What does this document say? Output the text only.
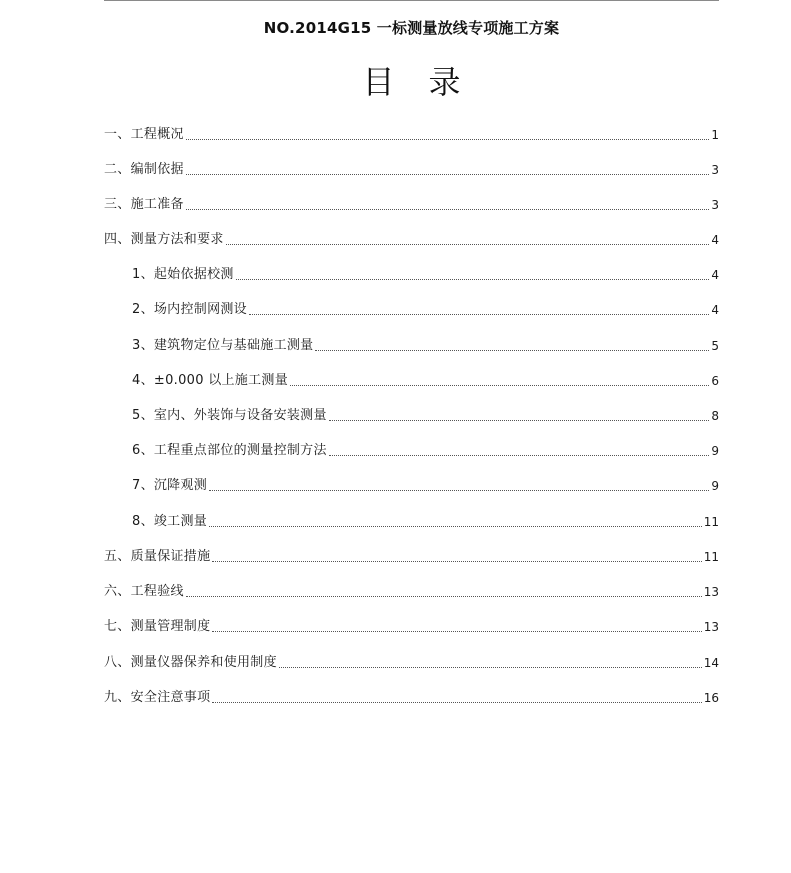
NO.2014G15 一标测量放线专项施工方案
目录
一、工程概况	1
二、编制依据	3
三、施工准备	3
四、测量方法和要求	4
1、起始依据校测	4
2、场内控制网测设	4
3、建筑物定位与基础施工测量	5
4、±0.000 以上施工测量	6
5、室内、外装饰与设备安装测量	8
6、工程重点部位的测量控制方法	9
7、沉降观测	9
8、竣工测量	11
五、质量保证措施	11
六、工程验线	13
七、测量管理制度	13
八、测量仪器保养和使用制度	14
九、安全注意事项	16
